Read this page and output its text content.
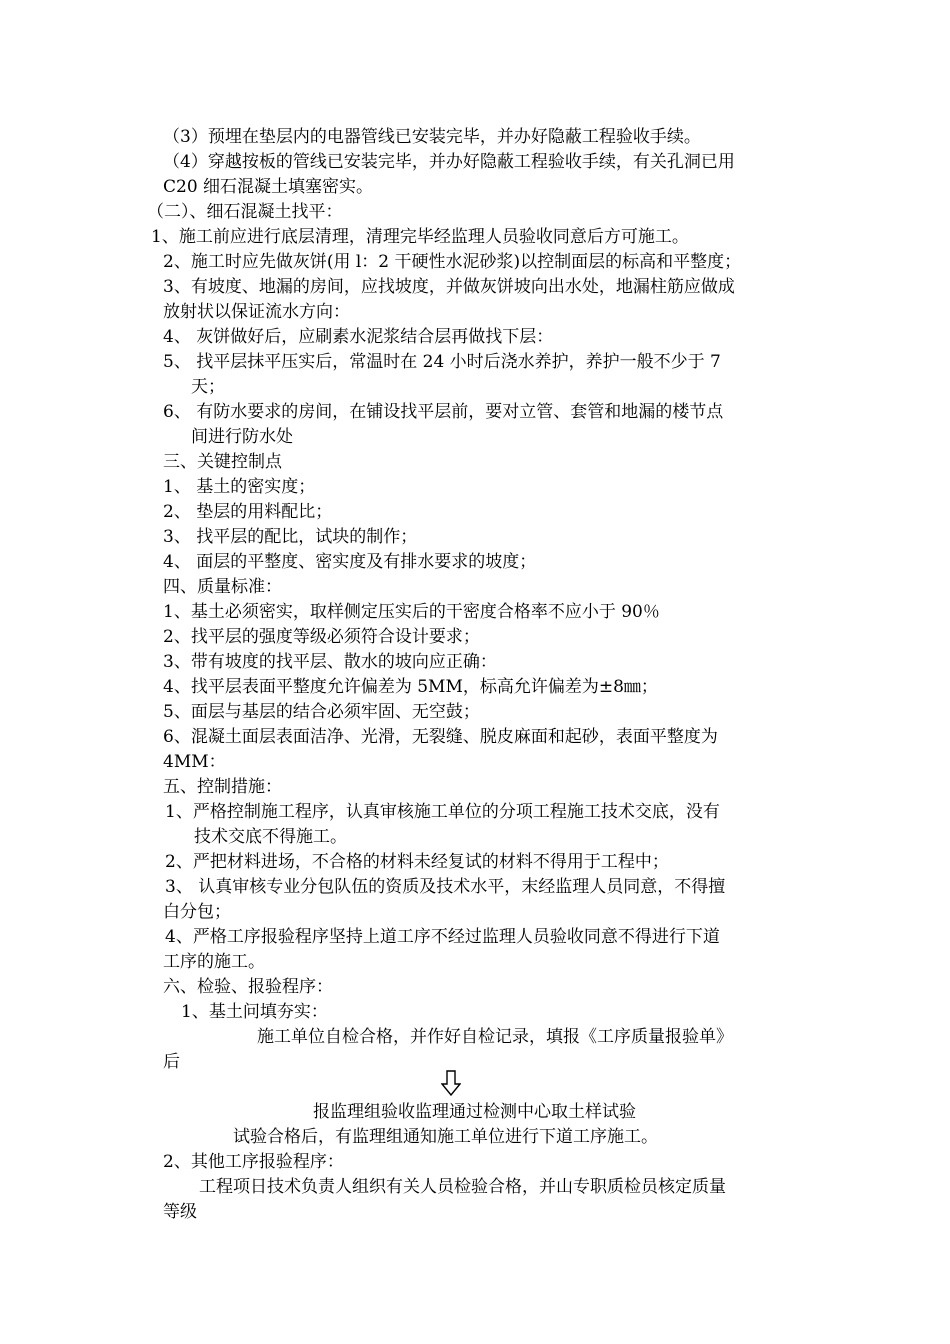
（3）预埋在垫层内的电器管线已安装完毕，并办好隐蔽工程验收手续。
（4）穿越按板的管线已安装完毕，并办好隐蔽工程验收手续，有关孔洞已用
C20 细石混凝土填塞密实。
（二）、细石混凝土找平：
1、施工前应进行底层清理，清理完毕经监理人员验收同意后方可施工。
2、施工时应先做灰饼(用 l：2 干硬性水泥砂浆)以控制面层的标高和平整度；
3、有坡度、地漏的房间，应找坡度，并做灰饼坡向出水处，地漏柱筋应做成
放射状以保证流水方向：
4、 灰饼做好后，应刷素水泥浆结合层再做找下层：
5、 找平层抹平压实后，常温时在 24 小时后浇水养护，养护一般不少于 7
天；
6、 有防水要求的房间，在铺设找平层前，要对立管、套管和地漏的楼节点
间进行防水处
三、关键控制点
1、 基土的密实度；
2、 垫层的用料配比；
3、 找平层的配比，试块的制作；
4、 面层的平整度、密实度及有排水要求的坡度；
四、质量标准：
1、基土必须密实，取样侧定压实后的干密度合格率不应小于 90％
2、找平层的强度等级必须符合设计要求；
3、带有坡度的找平层、散水的坡向应正确：
4、找平层表面平整度允许偏差为 5MM，标高允许偏差为±8㎜；
5、面层与基层的结合必须牢固、无空鼓；
6、混凝土面层表面洁净、光滑，无裂缝、脱皮麻面和起砂，表面平整度为
4MM：
五、控制措施：
1、严格控制施工程序，认真审核施工单位的分项工程施工技术交底，没有
技术交底不得施工。
2、严把材料进场，不合格的材料未经复试的材料不得用于工程中；
3、 认真审核专业分包队伍的资质及技术水平，末经监理人员同意，不得擅
白分包；
4、严格工序报验程序坚持上道工序不经过监理人员验收同意不得进行下道
工序的施工。
六、检验、报验程序：
1、基土问填夯实：
施工单位自检合格，并作好自检记录，填报《工序质量报验单》
后
报监理组验收监理通过检测中心取土样试验
试验合格后，有监理组通知施工单位进行下道工序施工。
2、其他工序报验程序：
工程项日技术负责人组织有关人员检验合格，并山专职质检员核定质量
等级
